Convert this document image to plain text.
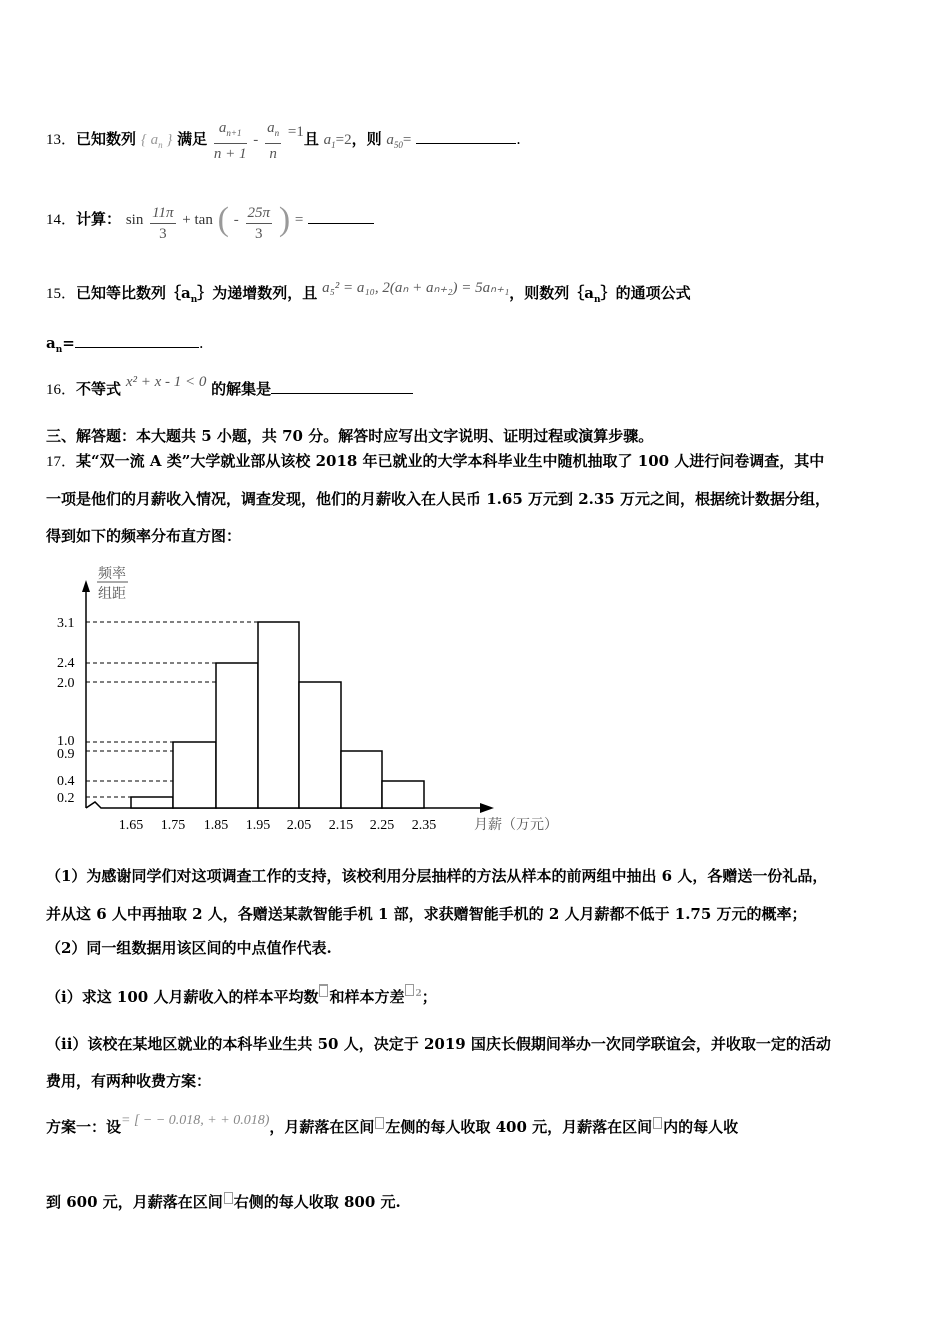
13．已知数列 { $a_n$ } 满足 $\frac{a_{n+1}}{n + 1} - \frac{a_n}{n} =1$且 $a_1=2$，则 $a_{50}=$	.
14．计算： $\sin \frac{11\pi}{3} + \tan$ ( - $\frac{25\pi}{3}$ ) =
15．已知等比数列$\{a_n\}$为递增数列，且 a₅² = a₁₀, 2(aₙ + aₙ₊₂) = 5aₙ₊₁，则数列$\{a_n\}$的通项公式
$a_n=$	.
16．不等式 x² + x - 1 < 0 的解集是
三、解答题：本大题共 5 小题，共 70 分。解答时应写出文字说明、证明过程或演算步骤。
17．某“双一流 A 类”大学就业部从该校 2018 年已就业的大学本科毕业生中随机抽取了 100 人进行问卷调查，其中
一项是他们的月薪收入情况，调查发现，他们的月薪收入在人民币 1.65 万元到 2.35 万元之间，根据统计数据分组，
得到如下的频率分布直方图：
频率
组距
3.1
2.4
2.0
1.0
0.9
0.4
0.2
1.65 1.75 1.85 1.95 2.05 2.15 2.25 2.35	月薪（万元）
（1）为感谢同学们对这项调查工作的支持，该校利用分层抽样的方法从样本的前两组中抽出 6 人，各赠送一份礼品，
并从这 6 人中再抽取 2 人，各赠送某款智能手机 1 部，求获赠智能手机的 2 人月薪都不低于 1.75 万元的概率；
（2）同一组数据用该区间的中点值作代表.
（i）求这 100 人月薪收入的样本平均数 和样本方差 $^2$；
（ii）该校在某地区就业的本科毕业生共 50 人，决定于 2019 国庆长假期间举办一次同学联谊会，并收取一定的活动
费用，有两种收费方案：
方案一：设= [ − − 0.018, + + 0.018)，月薪落在区间 左侧的每人收取 400 元，月薪落在区间 内的每人收
到 600 元，月薪落在区间 右侧的每人收取 800 元.
